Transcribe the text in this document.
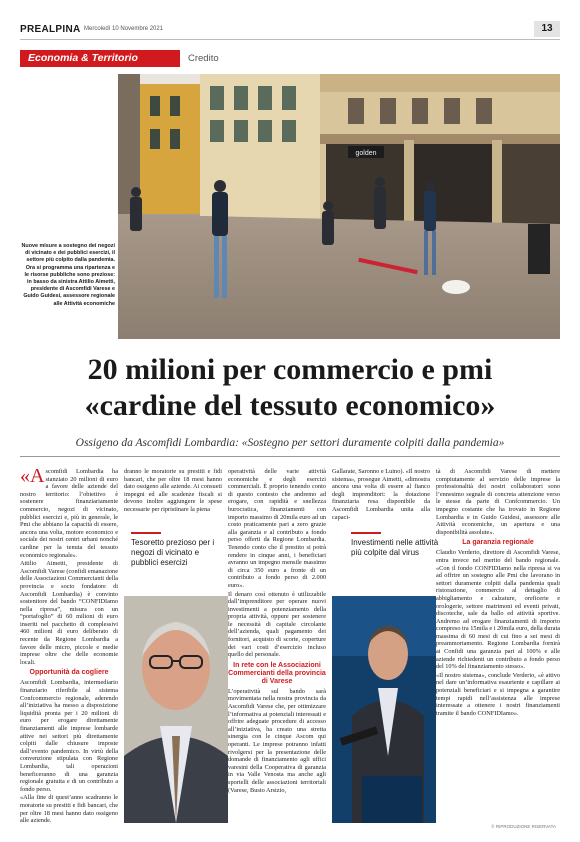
PREALPINA Mercoledì 10 Novembre 2021	13
Economia & Territorio	Credito
golden
Nuove misure a sostegno dei negozi di vicinato e dei pubblici esercizi, il settore più colpito dalla pandemia. Ora si programma una ripartenza e le risorse pubbliche sono preziose: in basso da sinistra Attilio Aimetti, presidente di Ascomfidi Varese e Guido Guidesi, assessore regionale alle Attività economiche
20 milioni per commercio e pmi
«cardine del tessuto economico»
Ossigeno da Ascomfidi Lombardia: «Sostegno per settori duramente colpiti dalla pandemia»

«Ascomfidi Lombardia ha stanziato 20 milioni di euro a favore delle aziende del nostro territorio: l’obiettivo è sostenere finanziariamente commercio, negozi di vicinato, pubblici esercizi e, più in generale, le Pmi che abbiano la capacità di essere, ancora una volta, motore economico e sociale dei nostri centri urbani nonché cardine per la tenuta del tessuto economico regionale».

Attilio Aimetti, presidente di Ascomfidi Varese (confidi emanazione delle Associazioni Commercianti della provincia e socio fondatore di Ascomfidi Lombardia) è convinto sostenitore del bando “CONFIDIamo nella ripresa”, misura con un “portafoglio” di 60 milioni di euro inseriti nel pacchetto di complessivi 460 milioni di euro deliberato di recente da Regione Lombardia a favore delle micro, piccole e medie imprese oltre che delle economie locali.

Opportunità da cogliere

Ascomfidi Lombardia, intermediario finanziario riferibile al sistema Confcommercio regionale, aderendo all’iniziativa ha messo a disposizione liquidità pronta per i 20 milioni di euro per erogare direttamente finanziamenti alle imprese lombarde attive nei settori più direttamente colpiti dalle chiusure imposte dall’evento pandemico. In virtù della convenzione stipulata con Regione Lombardia, tali operazioni beneficeranno di una garanzia regionale gratuita e di un contributo a fondo perso.

«Alla fine di quest’anno scadranno le moratorie su prestiti e fidi bancari, che per oltre 18 mesi hanno dato ossigeno alle aziende.

dranno le moratorie su prestiti e fidi bancari, che per oltre 18 mesi hanno dato ossigeno alle aziende. Ai consueti impegni ed alle scadenze fiscali si devono inoltre aggiungere le spese necessarie per ripristinare la piena

Tesoretto prezioso per i negozi di vicinato e pubblici esercizi

operatività delle varie attività economiche e degli esercizi commerciali. È proprio tenendo conto di questo contesto che andremo ad erogare, con rapidità e snellezza burocratica, finanziamenti con importo massimo di 20mila euro ad un costo praticamente pari a zero grazie alla garanzia e al contributo a fondo perso offerti da Regione Lombardia. Tenendo conto che il prestito si potrà rendere in cinque anni, i beneficiari avranno un impegno mensile massimo di circa 350 euro a fronte di un contributo a fondo perso di 2.000 euro».

Il denaro così ottenuto è utilizzabile dall’imprenditore per operare nuovi investimenti a potenziamento della propria attività, oppure per sostenere le necessità di capitale circolante dell’azienda, quali pagamento dei fornitori, acquisto di scorte, coperture dei vari costi d’esercizio incluso quello del personale.

In rete con le Associazioni Commercianti della provincia di Varese

L’operatività sul bando sarà movimentata nella nostra provincia da Ascomfidi Varese che, per ottimizzare l’informativa ai potenziali interessati e offrire adeguate procedure di accesso all’iniziativa, ha creato una stretta sinergia con le cinque Ascom qui operanti. Le imprese potranno infatti rivolgersi per la presentazione delle domande di finanziamento agli uffici varesini della Cooperativa di garanzia in via Valle Venosta ma anche agli sportelli delle associazioni territoriali (Varese, Busto Arsizio,

Gallarate, Saronno e Luino). «Il nostro sistema», prosegue Aimetti, «dimostra ancora una volta di essere al fianco degli imprenditori: la dotazione finanziaria resa disponibile da Ascomfidi Lombardia unita alla capaci-

Investimenti nelle attività più colpite dal virus

tà di Ascomfidi Varese di mettere compiutamente al servizio delle imprese la professionalità dei nostri collaboratori sono l’ennesimo segnale di concreta attenzione verso le stesse da parte di Confcommercio. Un impegno costante che ha trovato in Regione Lombardia e in Guido Guidesi, assessore alle Attività economiche, un apertura e una disponibilità assolute».

La garanzia regionale

Claudio Verderio, direttore di Ascomfidi Varese, entra invece nel merito del bando regionale. «Con il fondo CONFIDIamo nella ripresa si va ad offrire un sostegno alle Pmi che lavorano in settori duramente colpiti dalla pandemia quali ristorazione, commercio al dettaglio di abbigliamento e calzature, oreficerie e orologerie, settore matrimoni ed eventi privati, discoteche, sale da ballo ed attività sportive. Andremo ad erogare finanziamenti di importo compreso tra 15mila e i 20mila euro, della durata massima di 60 mesi di cui fino a sei mesi di preammortamento. Regione Lombardia fornirà ai Confidi una garanzia pari al 100% e alle aziende richiedenti un contributo a fondo perso del 10% del finanziamento stesso».

«Il nostro sistema», conclude Verderio, «è attivo nel dare un’informativa esauriente e capillare ai potenziali beneficiari e si impegna a garantire tempi rapidi nell’assistenza alle imprese interessate a ottenere i nostri finanziamenti tramite il bando CONFIDIamo».

© RIPRODUZIONE RISERVATA
